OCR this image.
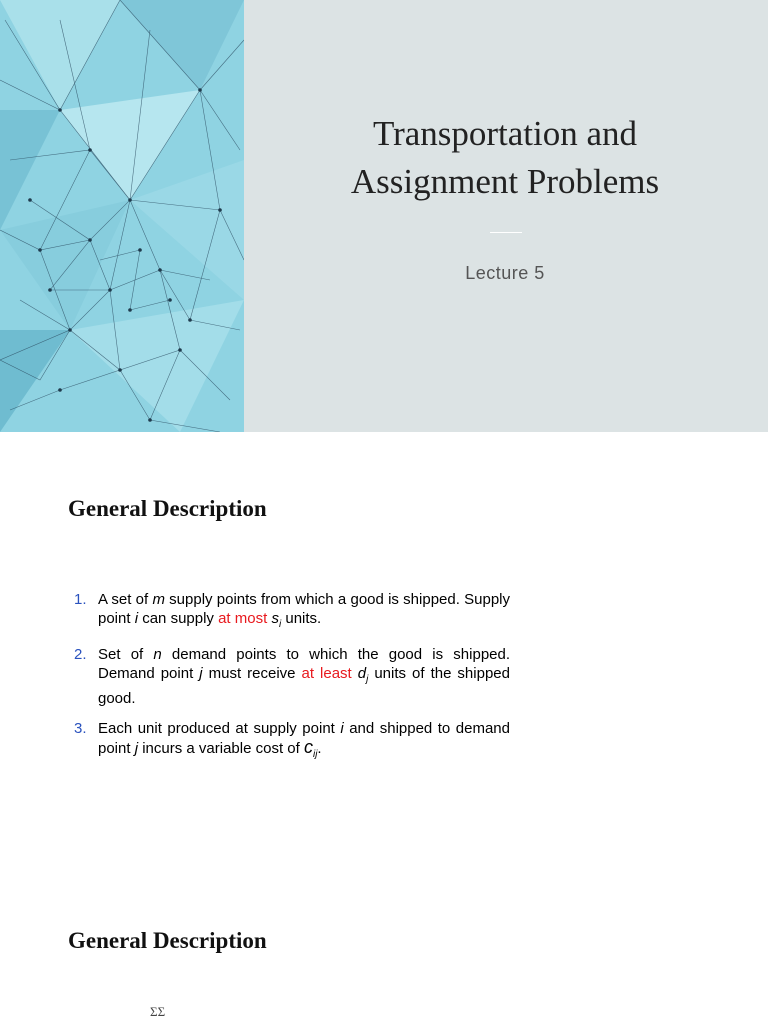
Transportation and
Assignment Problems
Lecture 5
General Description
1. A set of m supply points from which a good is shipped. Supply point i can supply at most $s_i$ units.
2. Set of n demand points to which the good is shipped. Demand point j must receive at least $d_j$ units of the shipped good.
3. Each unit produced at supply point i and shipped to demand point j incurs a variable cost of $c_{ij}$.
General Description
ΣΣ
